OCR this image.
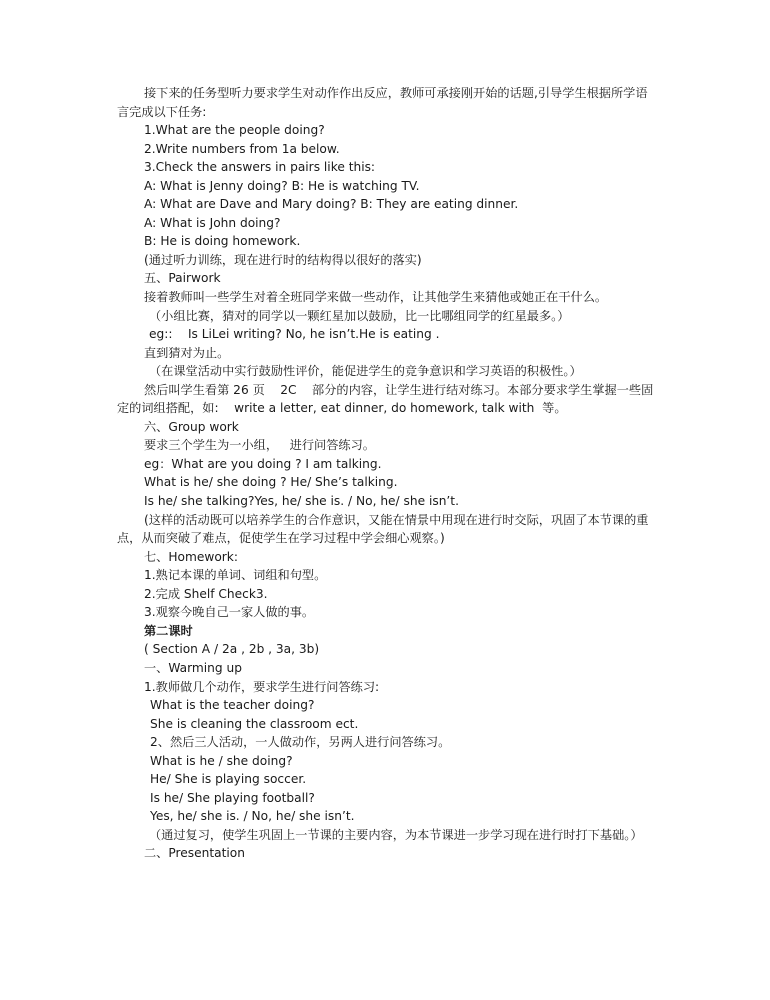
接下来的任务型听力要求学生对动作作出反应，教师可承接刚开始的话题,引导学生根据所学语言完成以下任务:

1.What are the people doing?

2.Write numbers from 1a below.

3.Check the answers in pairs like this:

A: What is Jenny doing? B: He is watching TV.

A: What are Dave and Mary doing? B: They are eating dinner.

A: What is John doing?

B: He is doing homework.

(通过听力训练，现在进行时的结构得以很好的落实)

五、Pairwork

接着教师叫一些学生对着全班同学来做一些动作，让其他学生来猜他或她正在干什么。

（小组比赛，猜对的同学以一颗红星加以鼓励，比一比哪组同学的红星最多。）

eg::    Is LiLei writing? No, he isn’t.He is eating .

直到猜对为止。

（在课堂活动中实行鼓励性评价，能促进学生的竞争意识和学习英语的积极性。）

然后叫学生看第 26 页    2C    部分的内容，让学生进行结对练习。本部分要求学生掌握一些固定的词组搭配，如:    write a letter, eat dinner, do homework, talk with  等。

六、Group work

要求三个学生为一小组，   进行问答练习。

eg：What are you doing ? I am talking.

What is he/ she doing ? He/ She’s talking.

Is he/ she talking?Yes, he/ she is. / No, he/ she isn’t.

(这样的活动既可以培养学生的合作意识，又能在情景中用现在进行时交际，巩固了本节课的重点，从而突破了难点，促使学生在学习过程中学会细心观察。)

七、Homework:

1.熟记本课的单词、词组和句型。

2.完成 Shelf Check3.

3.观察今晚自己一家人做的事。

第二课时

( Section A / 2a , 2b , 3a, 3b)

一、Warming up

1.教师做几个动作，要求学生进行问答练习:

What is the teacher doing?

She is cleaning the classroom ect.

2、然后三人活动，一人做动作，另两人进行问答练习。

What is he / she doing?

He/ She is playing soccer.

Is he/ She playing football?

Yes, he/ she is. / No, he/ she isn’t.

（通过复习，使学生巩固上一节课的主要内容，为本节课进一步学习现在进行时打下基础。）

二、Presentation
